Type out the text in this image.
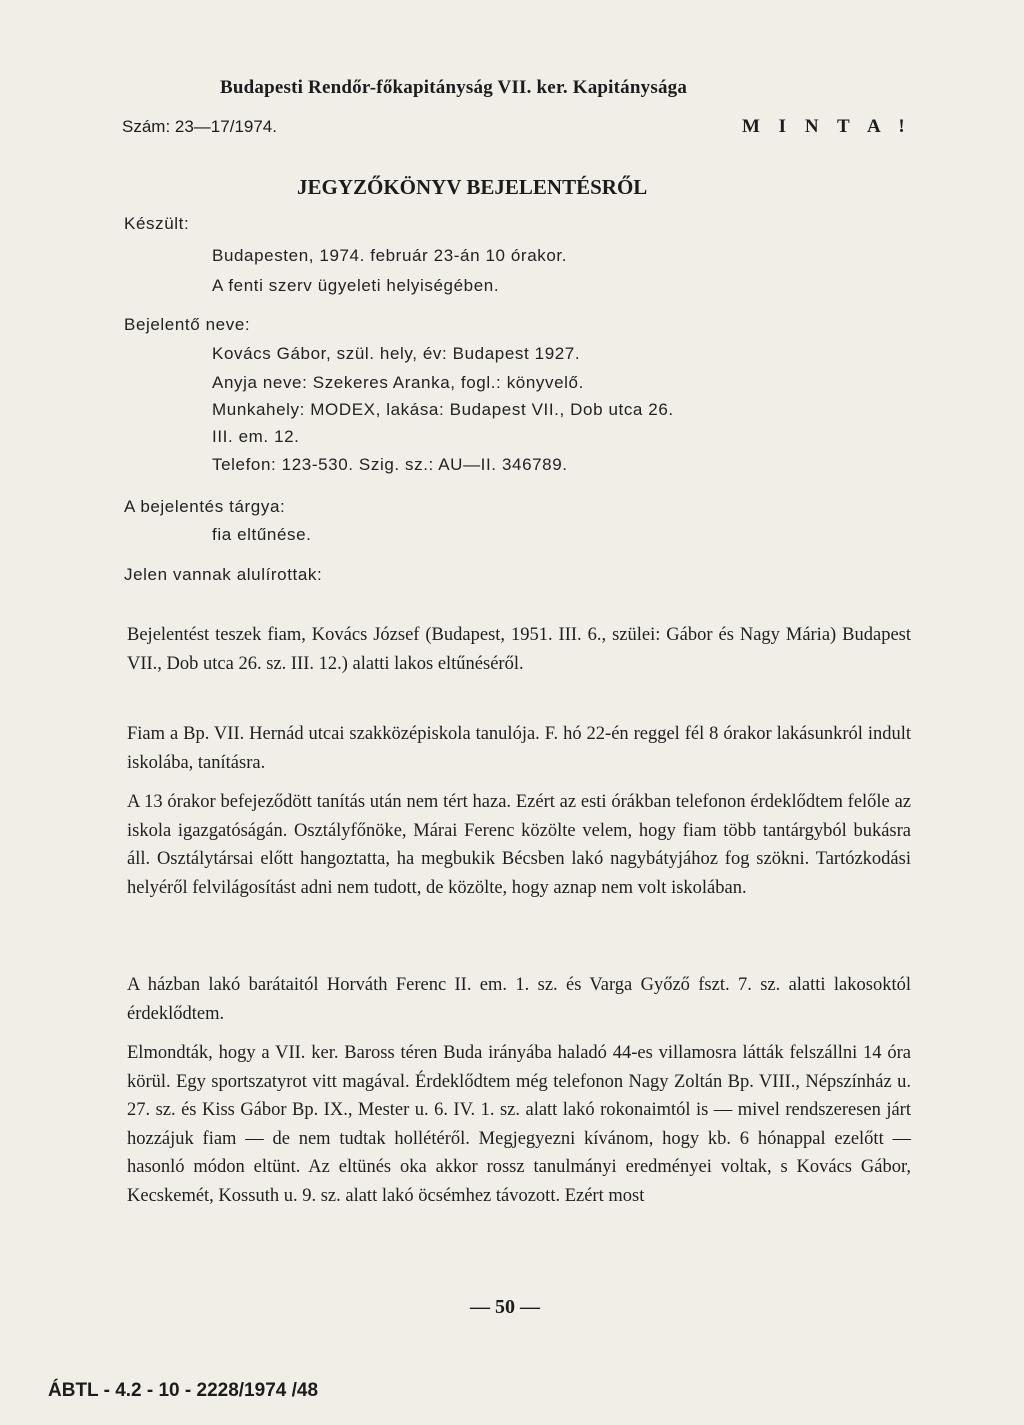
Budapesti Rendőr-főkapitányság VII. ker. Kapitánysága
Szám: 23—17/1974.	M I N T A !
JEGYZŐKÖNYV BEJELENTÉSRŐL
Készült:
Budapesten, 1974. február 23-án 10 órakor.
A fenti szerv ügyeleti helyiségében.
Bejelentő neve:
Kovács Gábor, szül. hely, év: Budapest 1927.
Anyja neve: Szekeres Aranka, fogl.: könyvelő.
Munkahely: MODEX, lakása: Budapest VII., Dob utca 26.
III. em. 12.
Telefon: 123-530. Szig. sz.: AU—II. 346789.
A bejelentés tárgya:
fia eltűnése.
Jelen vannak alulírottak:

Bejelentést teszek fiam, Kovács József (Budapest, 1951. III. 6., szülei: Gábor és Nagy Mária) Budapest VII., Dob utca 26. sz. III. 12.) alatti lakos eltűnéséről.

Fiam a Bp. VII. Hernád utcai szakközépiskola tanulója. F. hó 22-én reggel fél 8 órakor lakásunkról indult iskolába, tanításra.

A 13 órakor befejeződött tanítás után nem tért haza. Ezért az esti órákban telefonon érdeklődtem felőle az iskola igazgatóságán. Osztályfőnöke, Márai Ferenc közölte velem, hogy fiam több tantárgyból bukásra áll. Osztálytársai előtt hangoztatta, ha megbukik Bécsben lakó nagybátyjához fog szökni. Tartózkodási helyéről felvilágosítást adni nem tudott, de közölte, hogy aznap nem volt iskolában.

A házban lakó barátaitól Horváth Ferenc II. em. 1. sz. és Varga Győző fszt. 7. sz. alatti lakosoktól érdeklődtem.

Elmondták, hogy a VII. ker. Baross téren Buda irányába haladó 44-es villamosra látták felszállni 14 óra körül. Egy sportszatyrot vitt magával. Érdeklődtem még telefonon Nagy Zoltán Bp. VIII., Népszínház u. 27. sz. és Kiss Gábor Bp. IX., Mester u. 6. IV. 1. sz. alatt lakó rokonaimtól is — mivel rendszeresen járt hozzájuk fiam — de nem tudtak hollétéről. Megjegyezni kívánom, hogy kb. 6 hónappal ezelőtt — hasonló módon eltünt. Az eltünés oka akkor rossz tanulmányi eredményei voltak, s Kovács Gábor, Kecskemét, Kossuth u. 9. sz. alatt lakó öcsémhez távozott. Ezért most

— 50 —
ÁBTL - 4.2 - 10 - 2228/1974 /48
